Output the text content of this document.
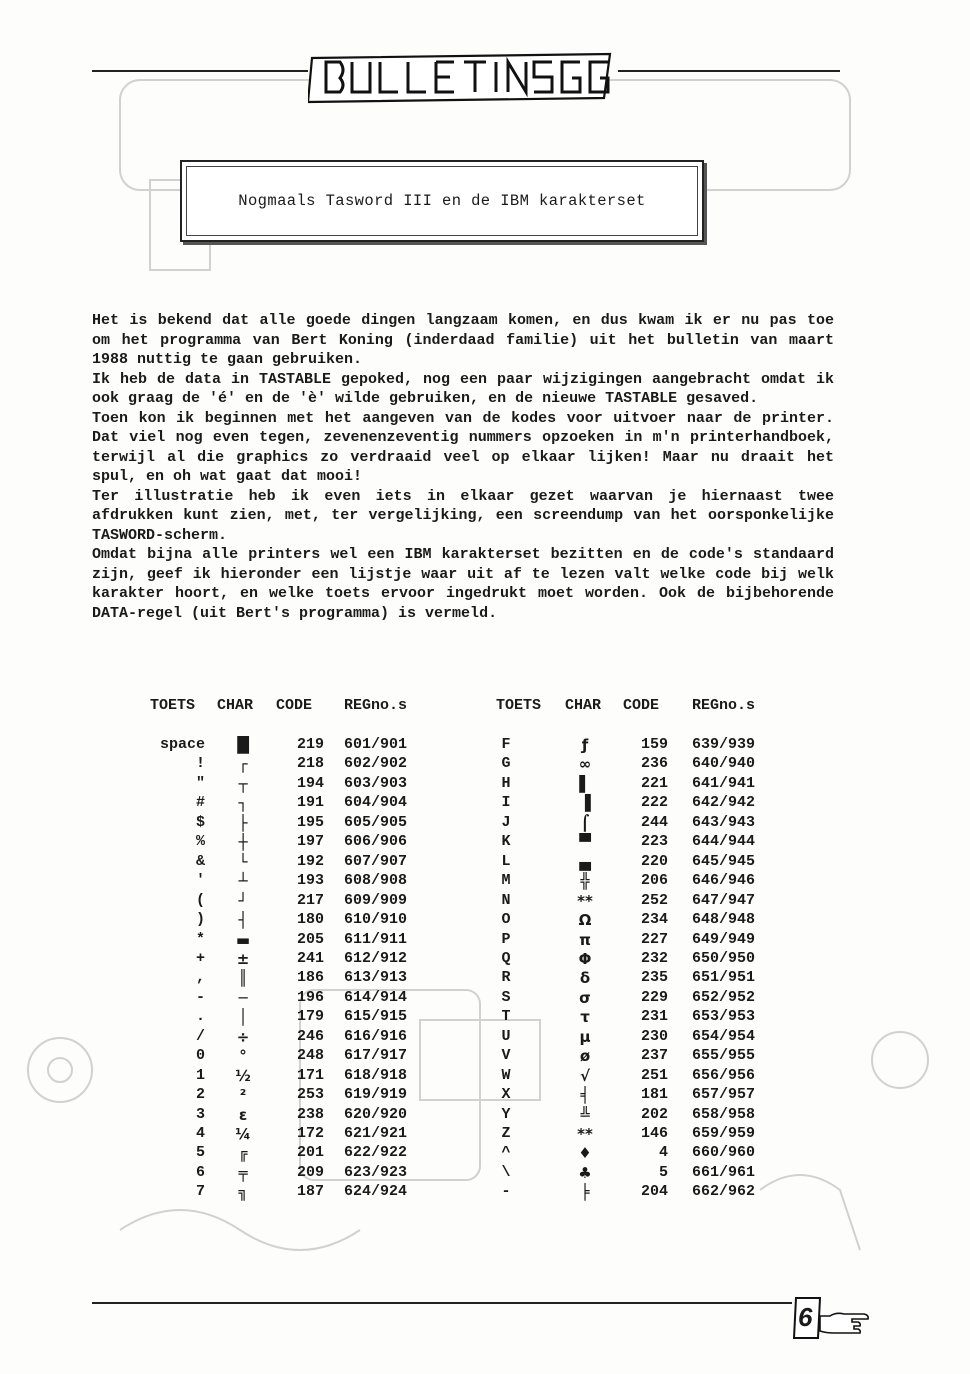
Nogmaals Tasword III en de IBM karakterset

Het is bekend dat alle goede dingen langzaam komen, en dus kwam ik er nu pas toe om het programma van Bert Koning (inderdaad familie) uit het bulletin van maart 1988 nuttig te gaan gebruiken.

Ik heb de data in TASTABLE gepoked, nog een paar wijzigingen aangebracht omdat ik ook graag de 'é' en de 'è' wilde gebruiken, en de nieuwe TASTABLE gesaved.

Toen kon ik beginnen met het aangeven van de kodes voor uitvoer naar de printer. Dat viel nog even tegen, zevenenzeventig nummers opzoeken in m'n printerhandboek, terwijl al die graphics zo verdraaid veel op elkaar lijken! Maar nu draait het spul, en oh wat gaat dat mooi!

Ter illustratie heb ik even iets in elkaar gezet waarvan je hiernaast twee afdrukken kunt zien, met, ter vergelijking, een screendump van het oorsponkelijke TASWORD-scherm.

Omdat bijna alle printers wel een IBM karakterset bezitten en de code's standaard zijn, geef ik hieronder een lijstje waar uit af te lezen valt welke code bij welk karakter hoort, en welke toets ervoor ingedrukt moet worden. Ook de bijbehorende DATA-regel (uit Bert's programma) is vermeld.

TOETS CHAR CODE REGno.s	TOETS CHAR CODE REGno.s
space	█	219 601/901	F	ƒ	159 639/939
!	┌	218 602/902	G	∞	236 640/940
"	┬	194 603/903	H	▌	221 641/941
#	┐	191 604/904	I	▐	222 642/942
$	├	195 605/905	J	⌠	244 643/943
%	┼	197 606/906	K	▀	223 644/944
&	└	192 607/907	L	▄	220 645/945
'	┴	193 608/908	M	╬	206 646/946
(	┘	217 609/909	N	**	252 647/947
)	┤	180 610/910	O	Ω	234 648/948
*	▬	205 611/911	P	π	227 649/949
+	±	241 612/912	Q	Φ	232 650/950
,	║	186 613/913	R	δ	235 651/951
-	─	196 614/914	S	σ	229 652/952
.	│	179 615/915	T	τ	231 653/953
/	÷	246 616/916	U	µ	230 654/954
0	°	248 617/917	V	ø	237 655/955
1	½	171 618/918	W	√	251 656/956
2	²	253 619/919	X	╡	181 657/957
3	ε	238 620/920	Y	╩	202 658/958
4	¼	172 621/921	Z	**	146 659/959
5	╔	201 622/922	^	♦	4 660/960
6	╤	209 623/923	\	♣	5 661/961
7	╗	187 624/924	-	╞	204 662/962
6
